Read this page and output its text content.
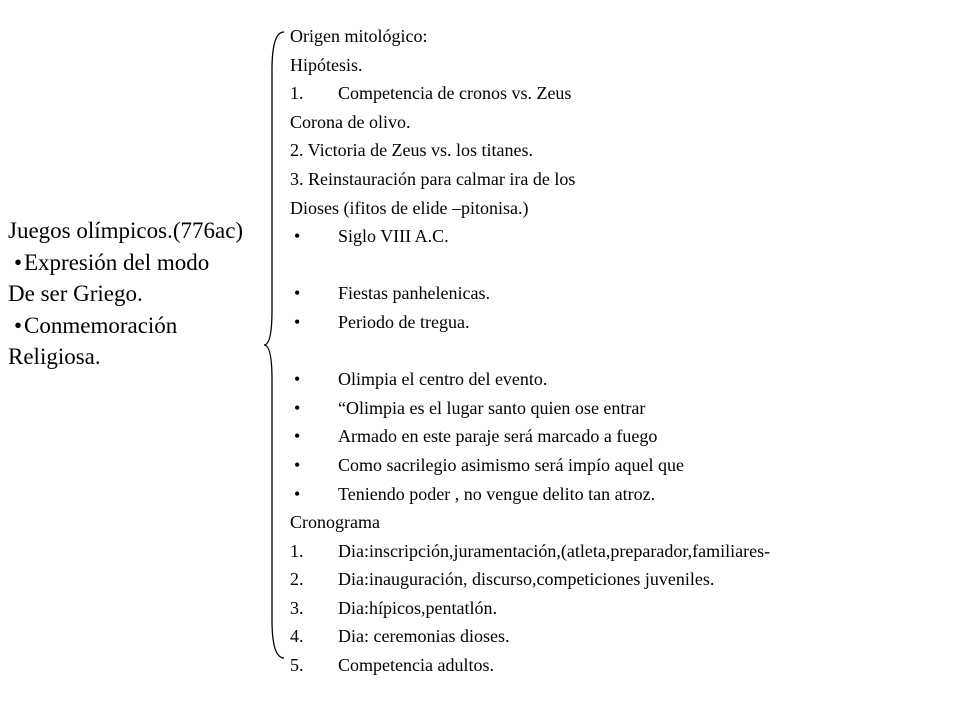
Juegos olímpicos.(776ac)
•Expresión del modo
De ser Griego.
•Conmemoración
Religiosa.
Origen mitológico:
Hipótesis.
1.	Competencia de cronos vs. Zeus
Corona de olivo.
2. Victoria de Zeus vs. los titanes.
3. Reinstauración para calmar ira de los
Dioses (ifitos de elide –pitonisa.)
•	Siglo VIII A.C.
•	Fiestas panhelenicas.
•	Periodo de tregua.
•	Olimpia el centro del evento.
•	“Olimpia es el lugar santo quien ose entrar
•	Armado en este paraje será marcado a fuego
•	Como sacrilegio asimismo será impío aquel que
•	Teniendo poder , no vengue delito tan atroz.
Cronograma
1.	Dia:inscripción,juramentación,(atleta,preparador,familiares-
2.	Dia:inauguración, discurso,competiciones juveniles.
3.	Dia:hípicos,pentatlón.
4.	Dia: ceremonias dioses.
5.	Competencia adultos.
